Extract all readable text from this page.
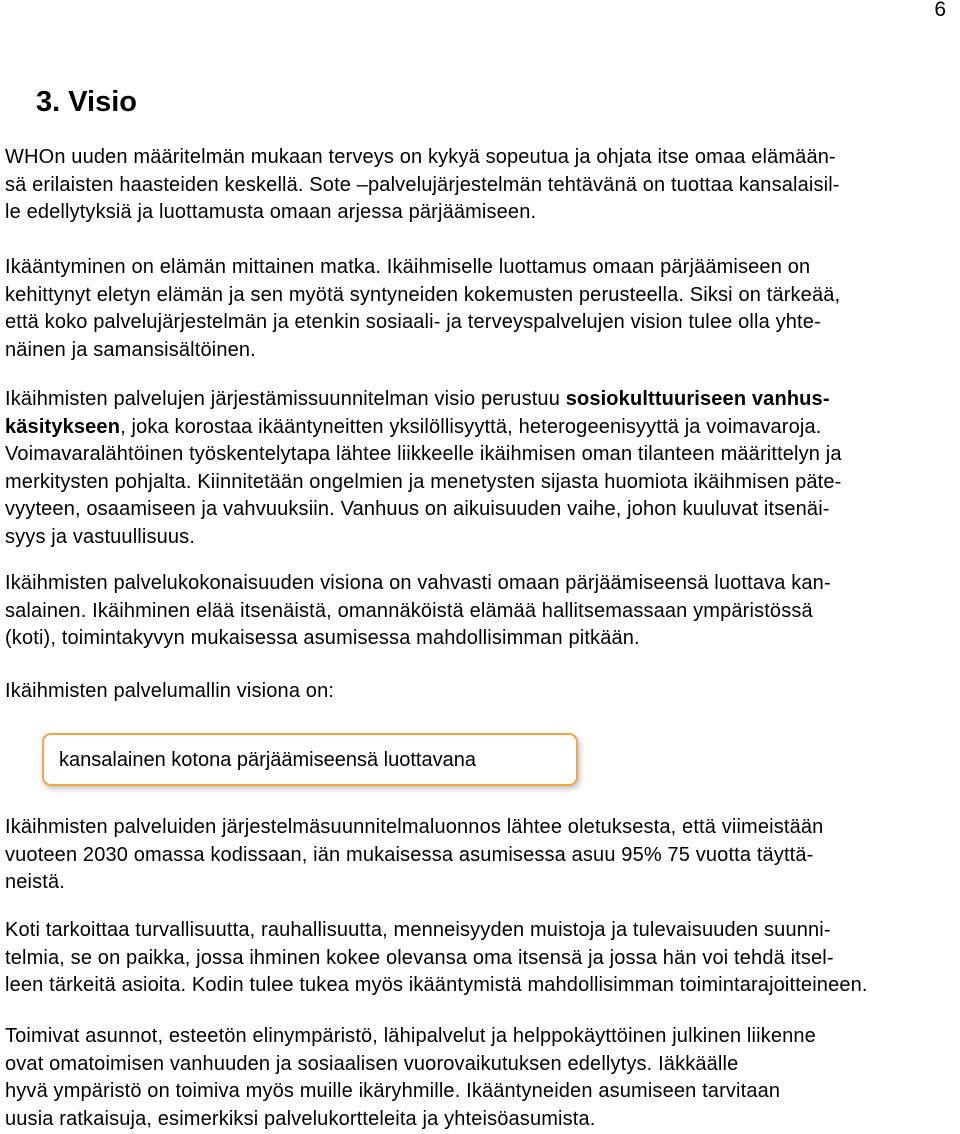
6
3. Visio

WHOn uuden määritelmän mukaan terveys on kykyä sopeutua ja ohjata itse omaa elämään-
sä erilaisten haasteiden keskellä. Sote –palvelujärjestelmän tehtävänä on tuottaa kansalaisil-
le edellytyksiä ja luottamusta omaan arjessa pärjäämiseen.

Ikääntyminen on elämän mittainen matka. Ikäihmiselle luottamus omaan pärjäämiseen on
kehittynyt eletyn elämän ja sen myötä syntyneiden kokemusten perusteella. Siksi on tärkeää,
että koko palvelujärjestelmän ja etenkin sosiaali- ja terveyspalvelujen vision tulee olla yhte-
näinen ja samansisältöinen.

Ikäihmisten palvelujen järjestämissuunnitelman visio perustuu sosiokulttuuriseen vanhus-
käsitykseen, joka korostaa ikääntyneitten yksilöllisyyttä, heterogeenisyyttä ja voimavaroja.
Voimavaralähtöinen työskentelytapa lähtee liikkeelle ikäihmisen oman tilanteen määrittelyn ja
merkitysten pohjalta. Kiinnitetään ongelmien ja menetysten sijasta huomiota ikäihmisen päte-
vyyteen, osaamiseen ja vahvuuksiin. Vanhuus on aikuisuuden vaihe, johon kuuluvat itsenäi-
syys ja vastuullisuus.

Ikäihmisten palvelukokonaisuuden visiona on vahvasti omaan pärjäämiseensä luottava kan-
salainen. Ikäihminen elää itsenäistä, omannäköistä elämää hallitsemassaan ympäristössä
(koti), toimintakyvyn mukaisessa asumisessa mahdollisimman pitkään.

Ikäihmisten palvelumallin visiona on:

kansalainen kotona pärjäämiseensä luottavana

Ikäihmisten palveluiden järjestelmäsuunnitelmaluonnos lähtee oletuksesta, että viimeistään
vuoteen 2030 omassa kodissaan, iän mukaisessa asumisessa asuu 95% 75 vuotta täyttä-
neistä.

Koti tarkoittaa turvallisuutta, rauhallisuutta, menneisyyden muistoja ja tulevaisuuden suunni-
telmia, se on paikka, jossa ihminen kokee olevansa oma itsensä ja jossa hän voi tehdä itsel-
leen tärkeitä asioita. Kodin tulee tukea myös ikääntymistä mahdollisimman toimintarajoitteineen.

Toimivat asunnot, esteetön elinympäristö, lähipalvelut ja helppokäyttöinen julkinen liikenne
ovat omatoimisen vanhuuden ja sosiaalisen vuorovaikutuksen edellytys. Iäkkäälle
hyvä ympäristö on toimiva myös muille ikäryhmille. Ikääntyneiden asumiseen tarvitaan
uusia ratkaisuja, esimerkiksi palvelukortteleita ja yhteisöasumista.
